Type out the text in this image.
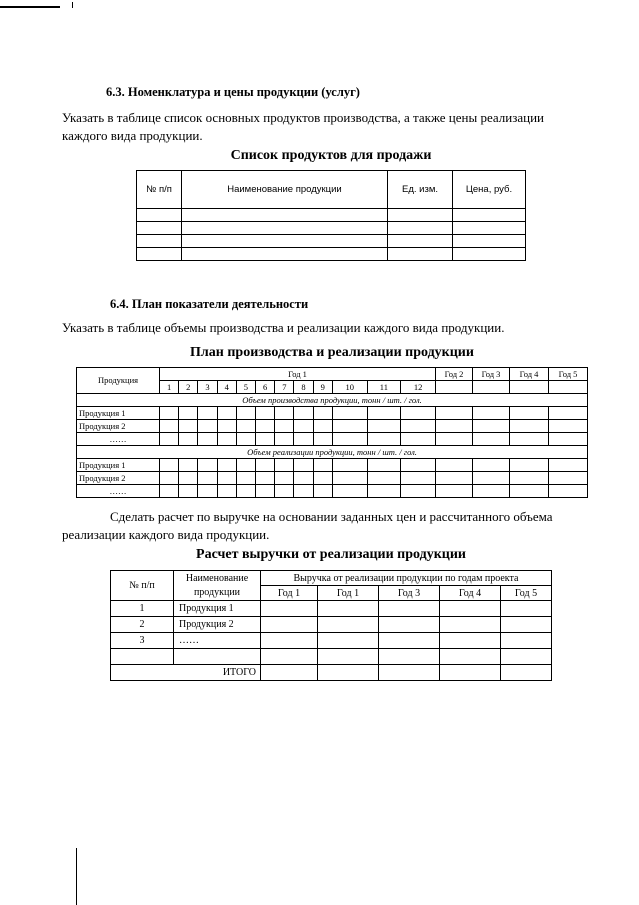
6.3. Номенклатура и цены продукции (услуг)
Указать в таблице список основных продуктов производства, а также цены реализации каждого вида продукции.
Список продуктов для продажи
№ п/п	Наименование продукции	Ед. изм.	Цена, руб.

6.4. План показатели деятельности
Указать в таблице объемы производства и реализации каждого вида продукции.
План производства и реализации продукции
Продукция	Год 1												Год 2	Год 3	Год 4	Год 5
	1	2	3	4	5	6	7	8	9	10	11	12				
Объем производства продукции, тонн / шт. / гол.																
Продукция 1																
Продукция 2																
……																
Объем реализации продукции, тонн / шт. / гол.																
Продукция 1																
Продукция 2																
……																
Сделать расчет по выручке на основании заданных цен и рассчитанного объема реализации каждого вида продукции.
Расчет выручки от реализации продукции
№ п/п	Наименование	Выручка от реализации продукции по годам проекта				
	продукции	Год 1	Год 1	Год 3	Год 4	Год 5
1	Продукция 1					
2	Продукция 2					
3	……					

ИТОГО						
